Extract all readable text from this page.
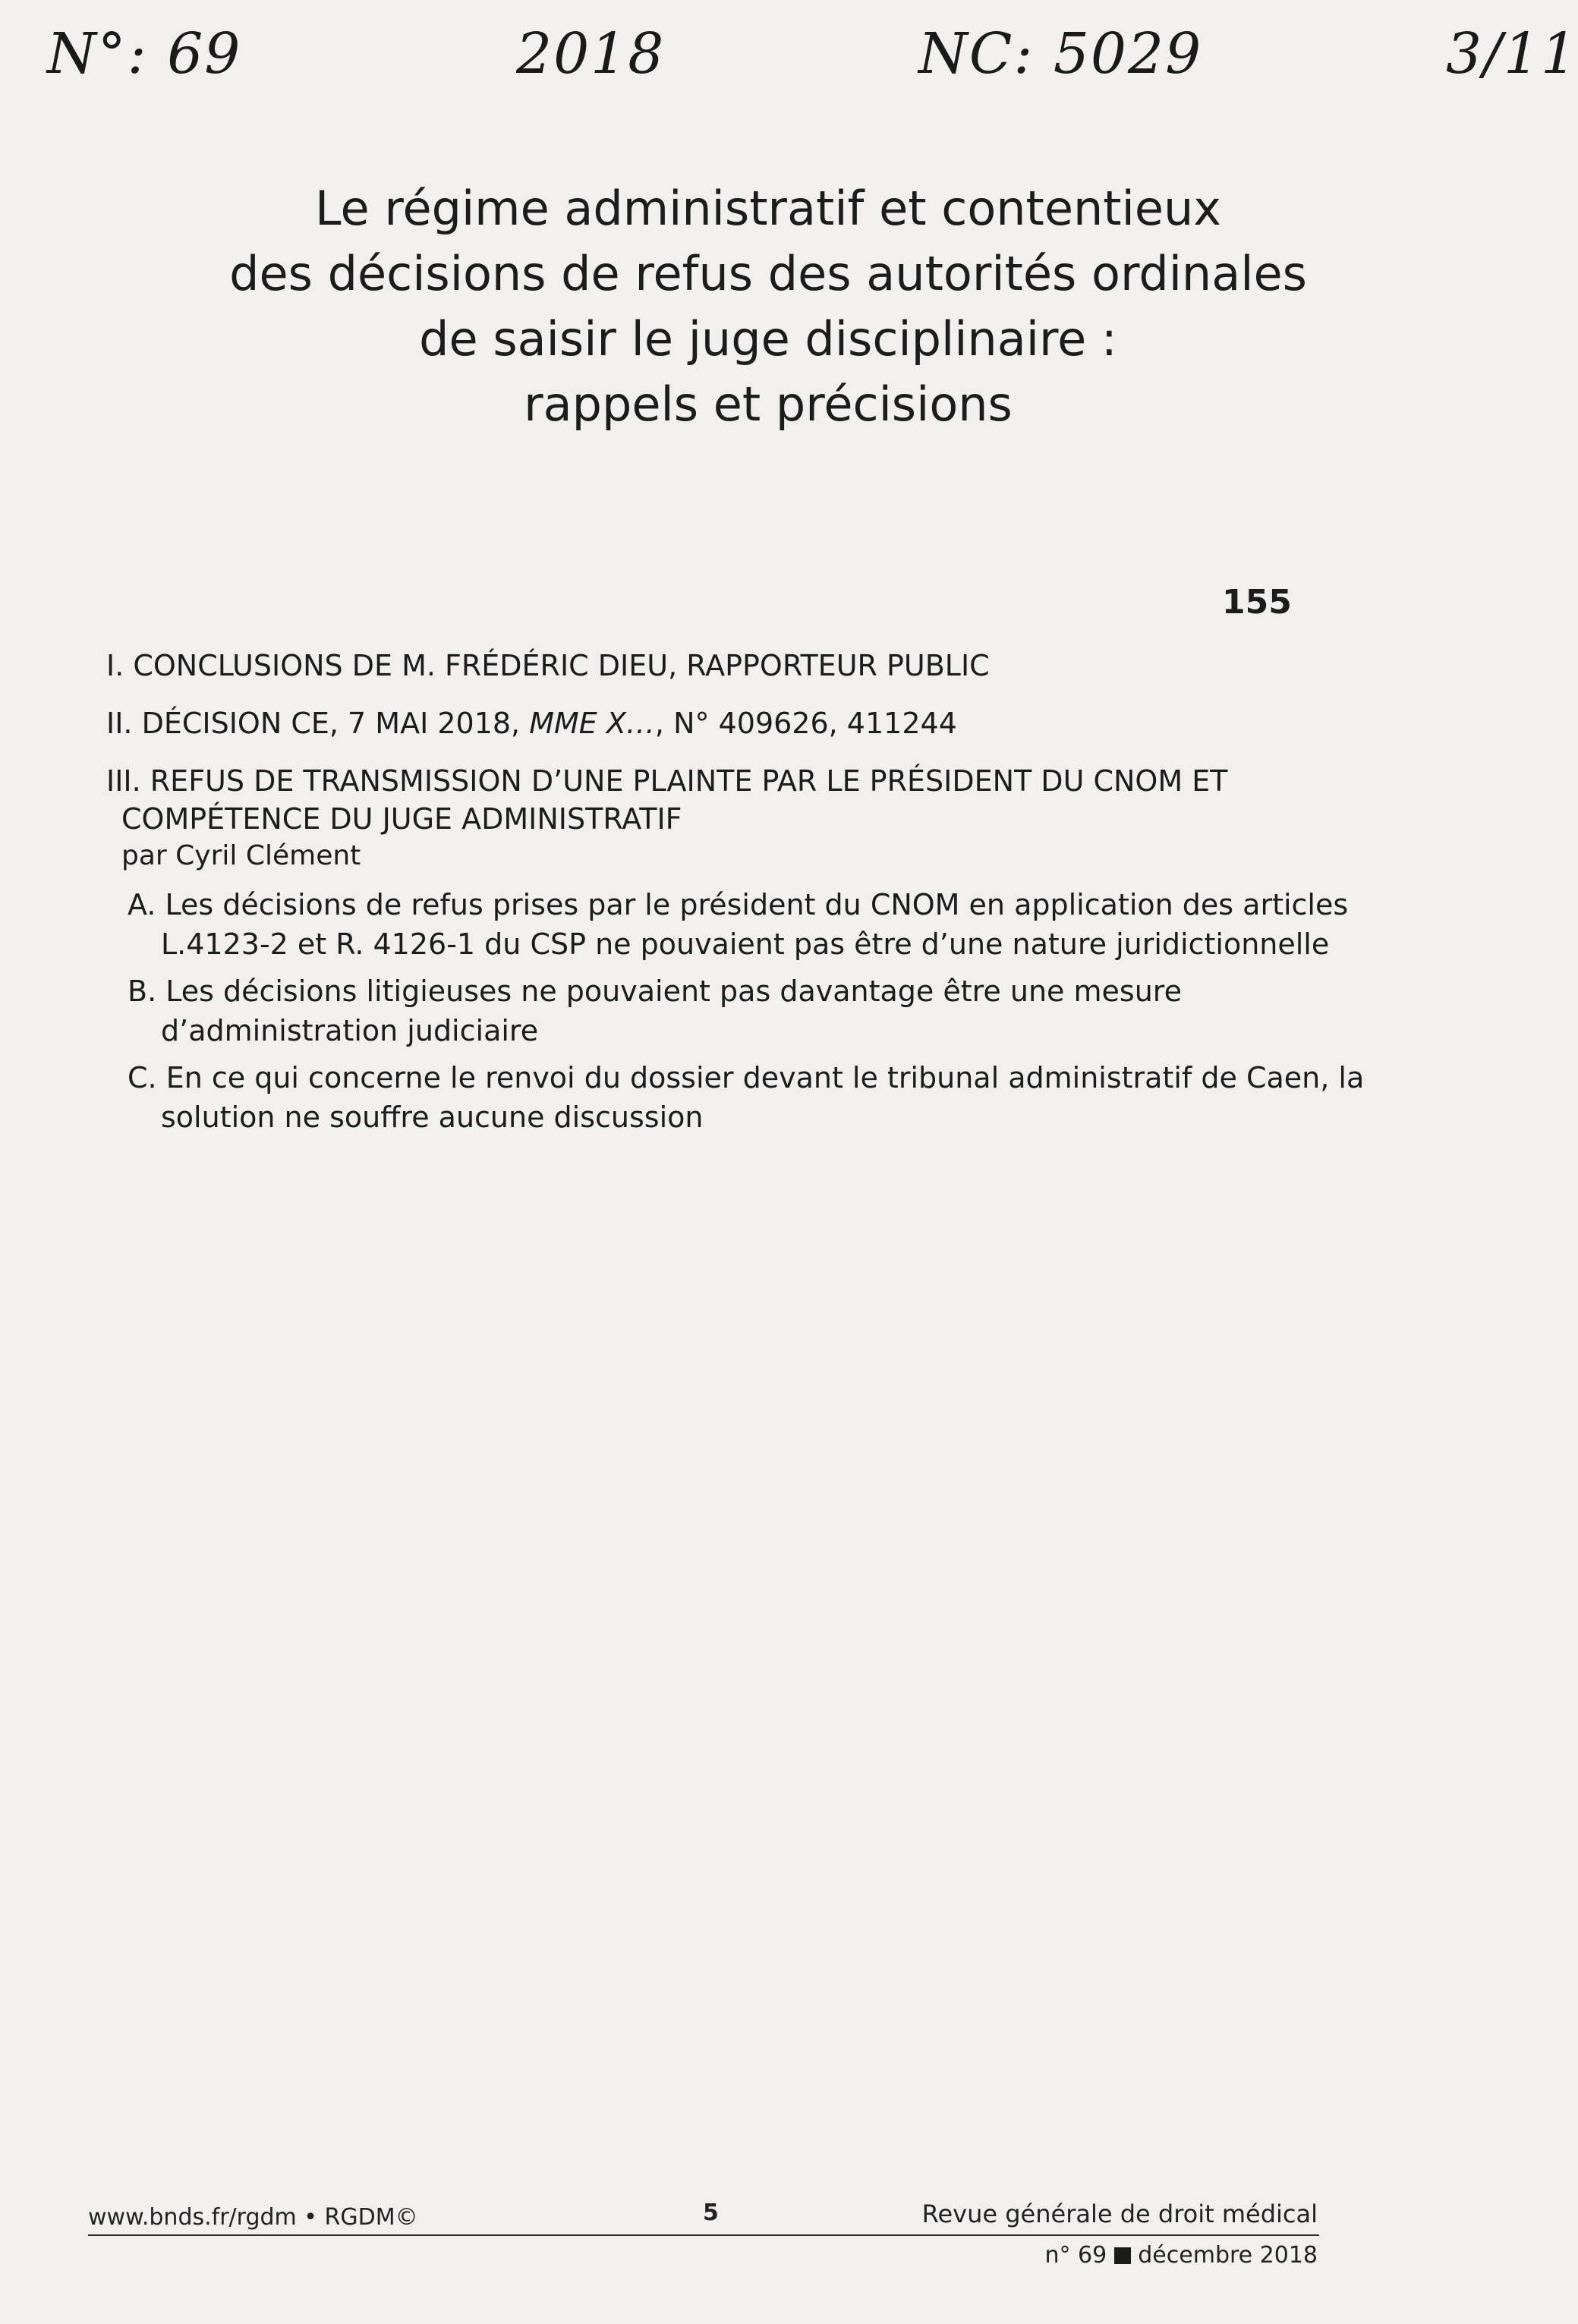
N°: 69	2018	NC: 5029	3/11
Le régime administratif et contentieux
des décisions de refus des autorités ordinales
de saisir le juge disciplinaire :
rappels et précisions
155
I. CONCLUSIONS DE M. FRÉDÉRIC DIEU, RAPPORTEUR PUBLIC
II. DÉCISION CE, 7 MAI 2018, MME X…, N° 409626, 411244
III. REFUS DE TRANSMISSION D’UNE PLAINTE PAR LE PRÉSIDENT DU CNOM ET
COMPÉTENCE DU JUGE ADMINISTRATIF
par Cyril Clément
A. Les décisions de refus prises par le président du CNOM en application des articles L.4123-2 et R. 4126-1 du CSP ne pouvaient pas être d’une nature juridictionnelle
B. Les décisions litigieuses ne pouvaient pas davantage être une mesure d’administration judiciaire
C. En ce qui concerne le renvoi du dossier devant le tribunal administratif de Caen, la solution ne souffre aucune discussion
www.bnds.fr/rgdm • RGDM©	5	Revue générale de droit médical
n° 69 décembre 2018
